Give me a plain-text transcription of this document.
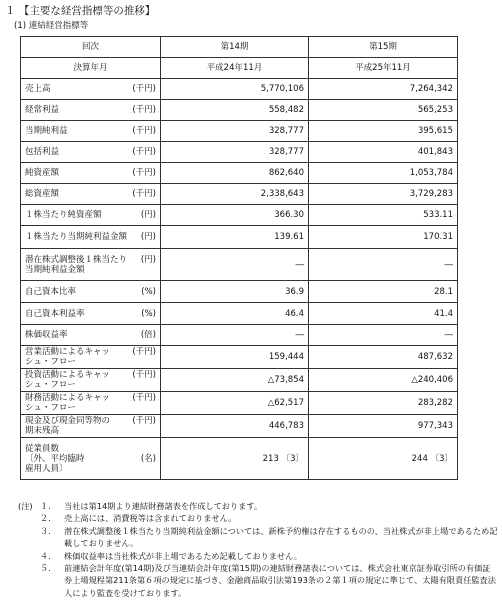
１ 【主要な経営指標等の推移】
(1) 連結経営指標等
回次	第14期	第15期
決算年月	平成24年11月	平成25年11月

売上高 (千円)	5,770,106	7,264,342

経常利益 (千円)	558,482	565,253

当期純利益 (千円)	328,777	395,615

包括利益 (千円)	328,777	401,843

純資産額 (千円)	862,640	1,053,784

総資産額 (千円)	2,338,643	3,729,283

１株当たり純資産額 (円)	366.30	533.11

１株当たり当期純利益金額 (円)	139.61	170.31

潜在株式調整後１株当たり当期純利益金額
(円)	―	―

自己資本比率 (%)	36.9	28.1

自己資本利益率 (%)	46.4	41.4

株価収益率 (倍)	―	―

営業活動によるキャッシュ・フロー
(千円)	159,444	487,632

投資活動によるキャッシュ・フロー
(千円)	△73,854	△240,406

財務活動によるキャッシュ・フロー
(千円)	△62,517	283,282

現金及び現金同等物の期末残高
(千円)	446,783	977,343

従業員数
〔外、平均臨時
雇用人員〕
(名)	213 〔3〕	244 〔3〕
(注) １. 当社は第14期より連結財務諸表を作成しております。
２. 売上高には、消費税等は含まれておりません。
３. 潜在株式調整後１株当たり当期純利益金額については、新株予約権は存在するものの、当社株式が非上場であるため記載しておりません。
４. 株価収益率は当社株式が非上場であるため記載しておりません。
５. 前連結会計年度(第14期)及び当連結会計年度(第15期)の連結財務諸表については、株式会社東京証券取引所の有価証券上場規程第211条第６項の規定に基づき、金融商品取引法第193条の２第１項の規定に準じて、太陽有限責任監査法人により監査を受けております。
